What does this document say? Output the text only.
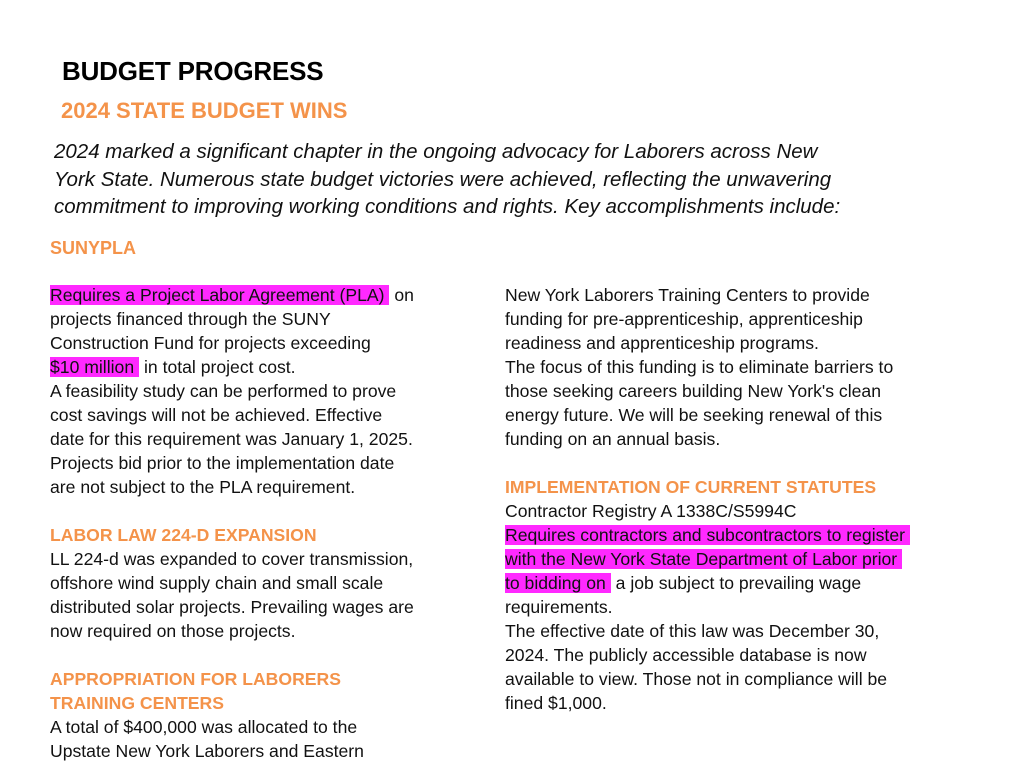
BUDGET PROGRESS
2024 STATE BUDGET WINS
2024 marked a significant chapter in the ongoing advocacy for Laborers across New
York State. Numerous state budget victories were achieved, reflecting the unwavering
commitment to improving working conditions and rights. Key accomplishments include:
SUNYPLA
Requires a Project Labor Agreement (PLA) on
projects financed through the SUNY
Construction Fund for projects exceeding
$10 million in total project cost.
A feasibility study can be performed to prove
cost savings will not be achieved. Effective
date for this requirement was January 1, 2025.
Projects bid prior to the implementation date
are not subject to the PLA requirement.
LABOR LAW 224-D EXPANSION
LL 224-d was expanded to cover transmission,
offshore wind supply chain and small scale
distributed solar projects. Prevailing wages are
now required on those projects.
APPROPRIATION FOR LABORERS
TRAINING CENTERS
A total of $400,000 was allocated to the
Upstate New York Laborers and Eastern
New York Laborers Training Centers to provide
funding for pre-apprenticeship, apprenticeship
readiness and apprenticeship programs.
The focus of this funding is to eliminate barriers to
those seeking careers building New York's clean
energy future. We will be seeking renewal of this
funding on an annual basis.
IMPLEMENTATION OF CURRENT STATUTES
Contractor Registry A 1338C/S5994C
Requires contractors and subcontractors to register
with the New York State Department of Labor prior
to bidding on a job subject to prevailing wage
requirements.
The effective date of this law was December 30,
2024. The publicly accessible database is now
available to view. Those not in compliance will be
fined $1,000.
